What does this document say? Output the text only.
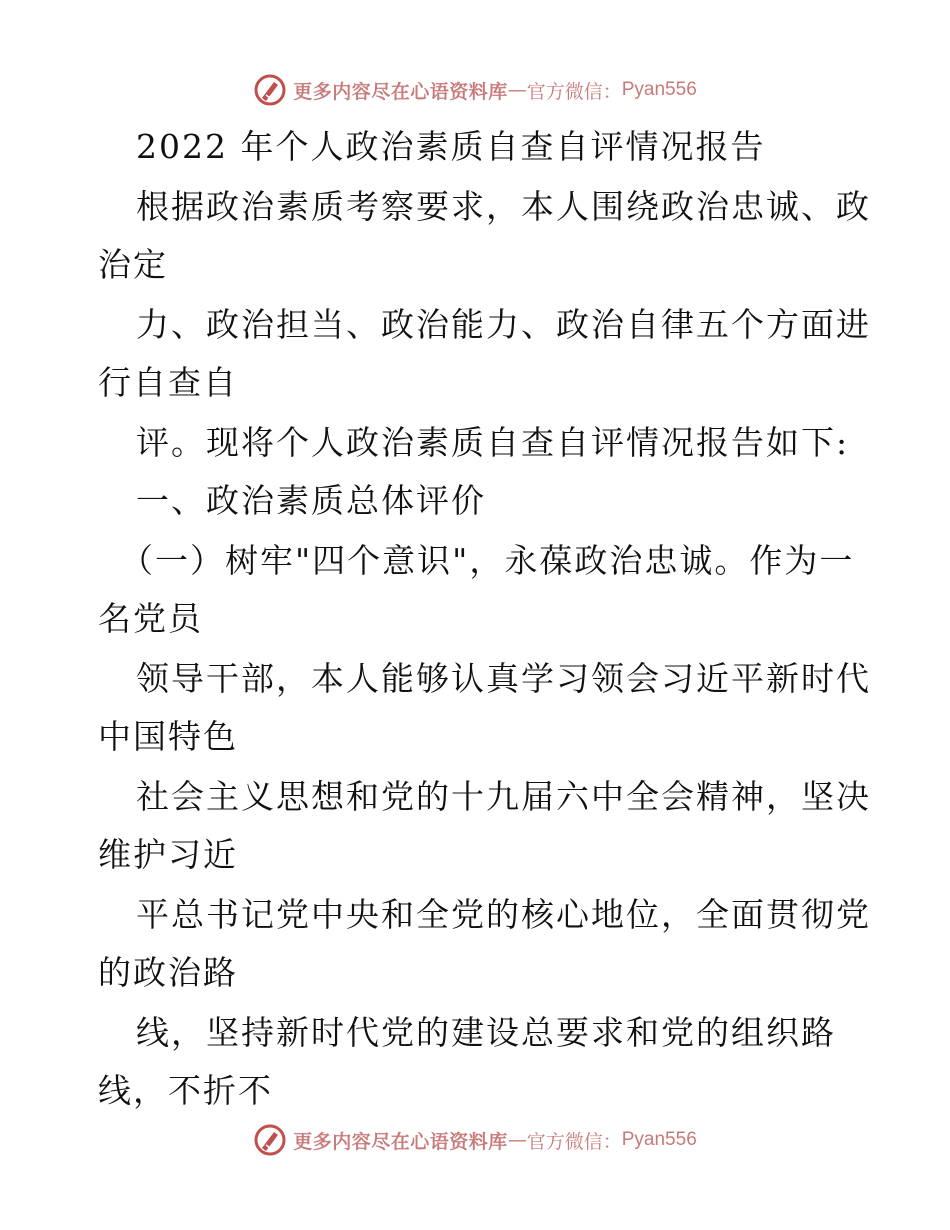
更多内容尽在心语资料库 — 官方微信： Pyan556
2022 年个人政治素质自查自评情况报告
根据政治素质考察要求，本人围绕政治忠诚、政
治定
力、政治担当、政治能力、政治自律五个方面进
行自查自
评。现将个人政治素质自查自评情况报告如下:
一、政治素质总体评价
（一）树牢"四个意识"，永葆政治忠诚。作为一
名党员
领导干部，本人能够认真学习领会习近平新时代
中国特色
社会主义思想和党的十九届六中全会精神，坚决
维护习近
平总书记党中央和全党的核心地位，全面贯彻党
的政治路
线，坚持新时代党的建设总要求和党的组织路
线，不折不
更多内容尽在心语资料库 — 官方微信： Pyan556
